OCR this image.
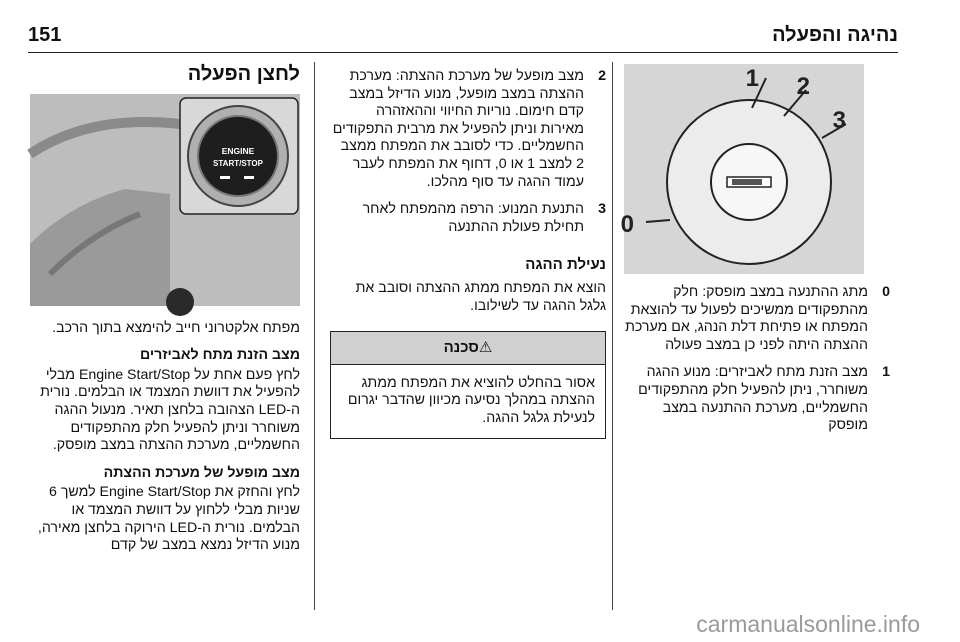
נהיגה והפעלה
151
1 2
3
0
0
מתג ההתנעה במצב מופסק: חלק מהתפקודים ממשיכים לפעול עד להוצאת המפתח או פתיחת דלת הנהג, אם מערכת ההצתה היתה לפני כן במצב פעולה
1
מצב הזנת מתח לאביזרים: מנוע ההגה משוחרר, ניתן להפעיל חלק מהתפקודים החשמליים, מערכת ההתנעה במצב מופסק
2
מצב מופעל של מערכת ההצתה: מערכת ההצתה במצב מופעל, מנוע הדיזל במצב קדם חימום. נוריות החיווי וההאזהרה מאירות וניתן להפעיל את מרבית התפקודים החשמליים. כדי לסובב את המפתח ממצב 2 למצב 1 או 0, דחוף את המפתח לעבר עמוד ההגה עד סוף מהלכו.
3
התנעת המנוע: הרפה מהמפתח לאחר תחילת פעולת ההתנעה
נעילת ההגה

הוצא את המפתח ממתג ההצתה וסובב את גלגל ההגה עד לשילובו.

⚠סכנה
אסור בהחלט להוציא את המפתח ממתג ההצתה במהלך נסיעה מכיוון שהדבר יגרום לנעילת גלגל ההגה.
לחצן הפעלה
ENGINE
START/STOP

מפתח אלקטרוני חייב להימצא בתוך הרכב.

מצב הזנת מתח לאביזרים

לחץ פעם אחת על Engine Start/Stop מבלי להפעיל את דוושת המצמד או הבלמים. נורית ה-LED הצהובה בלחצן תאיר. מנעול ההגה משוחרר וניתן להפעיל חלק מהתפקודים החשמליים, מערכת ההצתה במצב מופסק.

מצב מופעל של מערכת ההצתה

לחץ והחזק את Engine Start/Stop למשך 6 שניות מבלי ללחוץ על דוושת המצמד או הבלמים. נורית ה-LED הירוקה בלחצן מאירה, מנוע הדיזל נמצא במצב של קדם

carmanualsonline.info
